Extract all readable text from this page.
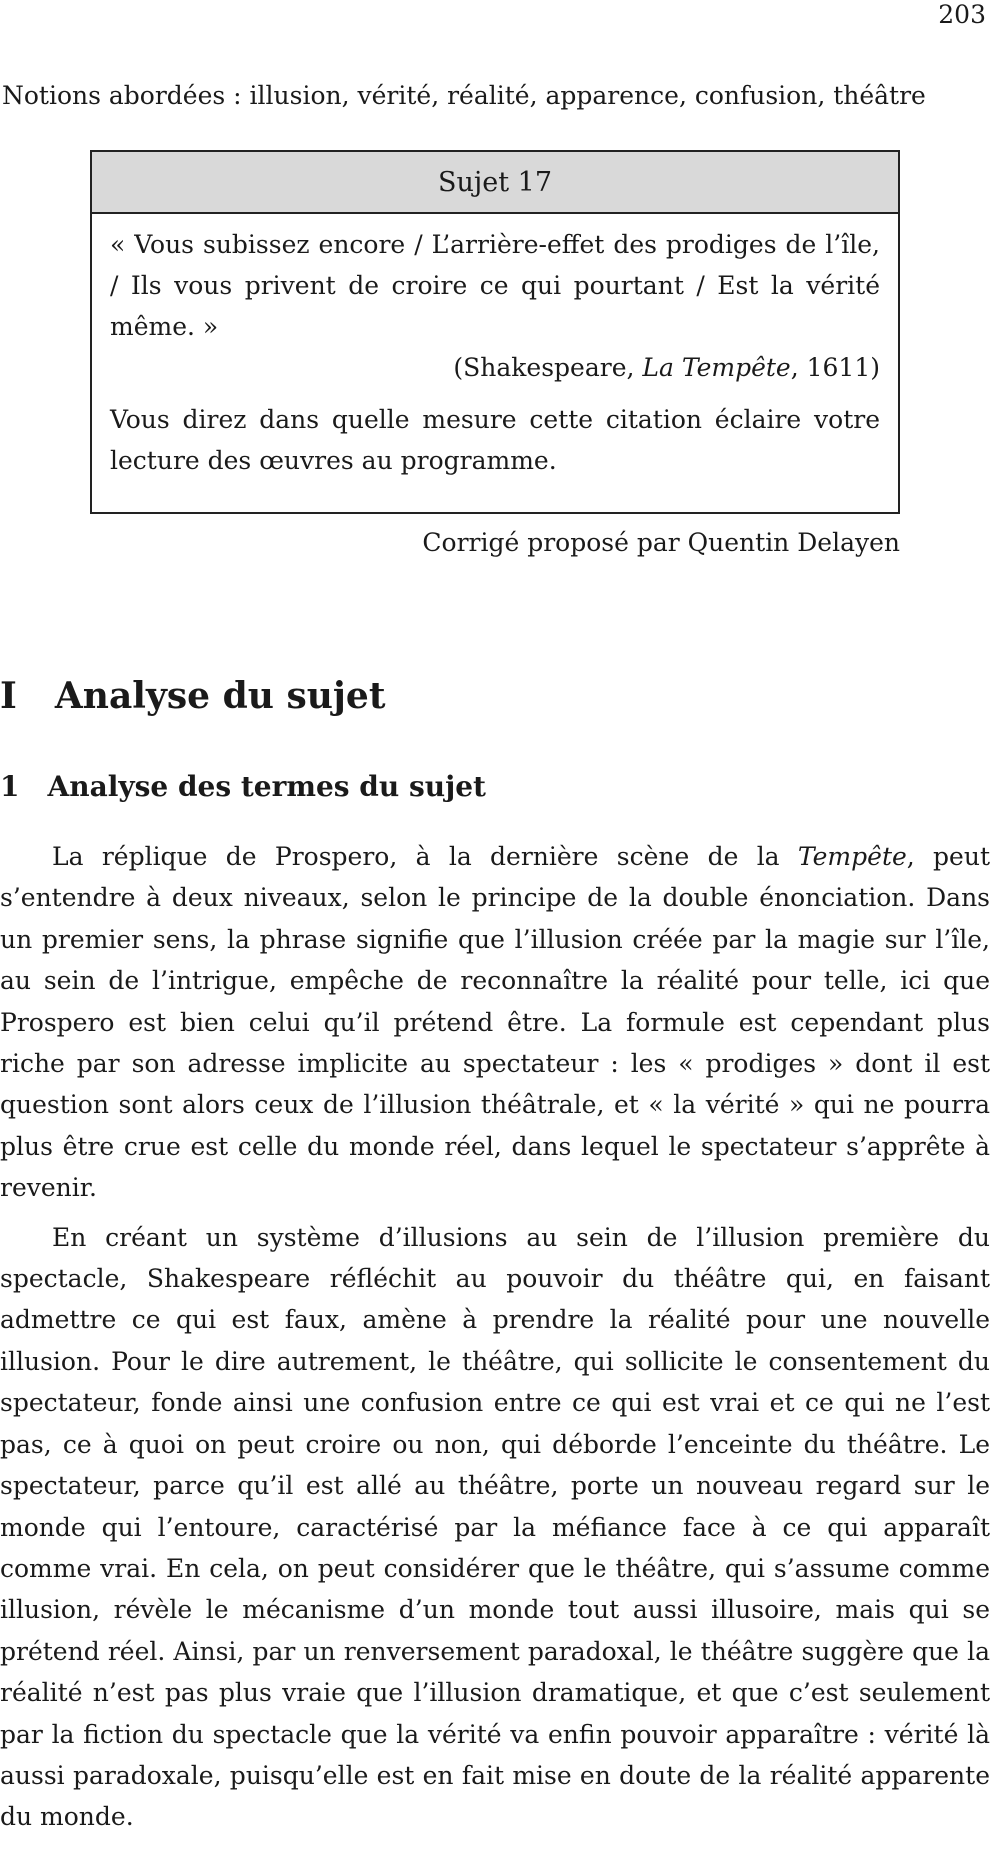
203
Notions abordées : illusion, vérité, réalité, apparence, confusion, théâtre
Sujet 17

« Vous subissez encore / L’arrière-effet des prodiges de l’île, / Ils vous privent de croire ce qui pourtant / Est la vérité même. »

(Shakespeare, La Tempête, 1611)

Vous direz dans quelle mesure cette citation éclaire votre lecture des œuvres au programme.

Corrigé proposé par Quentin Delayen
I Analyse du sujet
1 Analyse des termes du sujet

La réplique de Prospero, à la dernière scène de la Tempête, peut s’entendre à deux niveaux, selon le principe de la double énonciation. Dans un premier sens, la phrase signifie que l’illusion créée par la magie sur l’île, au sein de l’intrigue, empêche de reconnaître la réalité pour telle, ici que Prospero est bien celui qu’il prétend être. La formule est cependant plus riche par son adresse implicite au spectateur : les « prodiges » dont il est question sont alors ceux de l’illusion théâtrale, et « la vérité » qui ne pourra plus être crue est celle du monde réel, dans lequel le spectateur s’apprête à revenir.

En créant un système d’illusions au sein de l’illusion première du spectacle, Shakespeare réfléchit au pouvoir du théâtre qui, en faisant admettre ce qui est faux, amène à prendre la réalité pour une nouvelle illusion. Pour le dire autrement, le théâtre, qui sollicite le consentement du spectateur, fonde ainsi une confusion entre ce qui est vrai et ce qui ne l’est pas, ce à quoi on peut croire ou non, qui déborde l’enceinte du théâtre. Le spectateur, parce qu’il est allé au théâtre, porte un nouveau regard sur le monde qui l’entoure, caractérisé par la méfiance face à ce qui apparaît comme vrai. En cela, on peut considérer que le théâtre, qui s’assume comme illusion, révèle le mécanisme d’un monde tout aussi illusoire, mais qui se prétend réel. Ainsi, par un renversement paradoxal, le théâtre suggère que la réalité n’est pas plus vraie que l’illusion dramatique, et que c’est seulement par la fiction du spectacle que la vérité va enfin pouvoir apparaître : vérité là aussi paradoxale, puisqu’elle est en fait mise en doute de la réalité apparente du monde.
